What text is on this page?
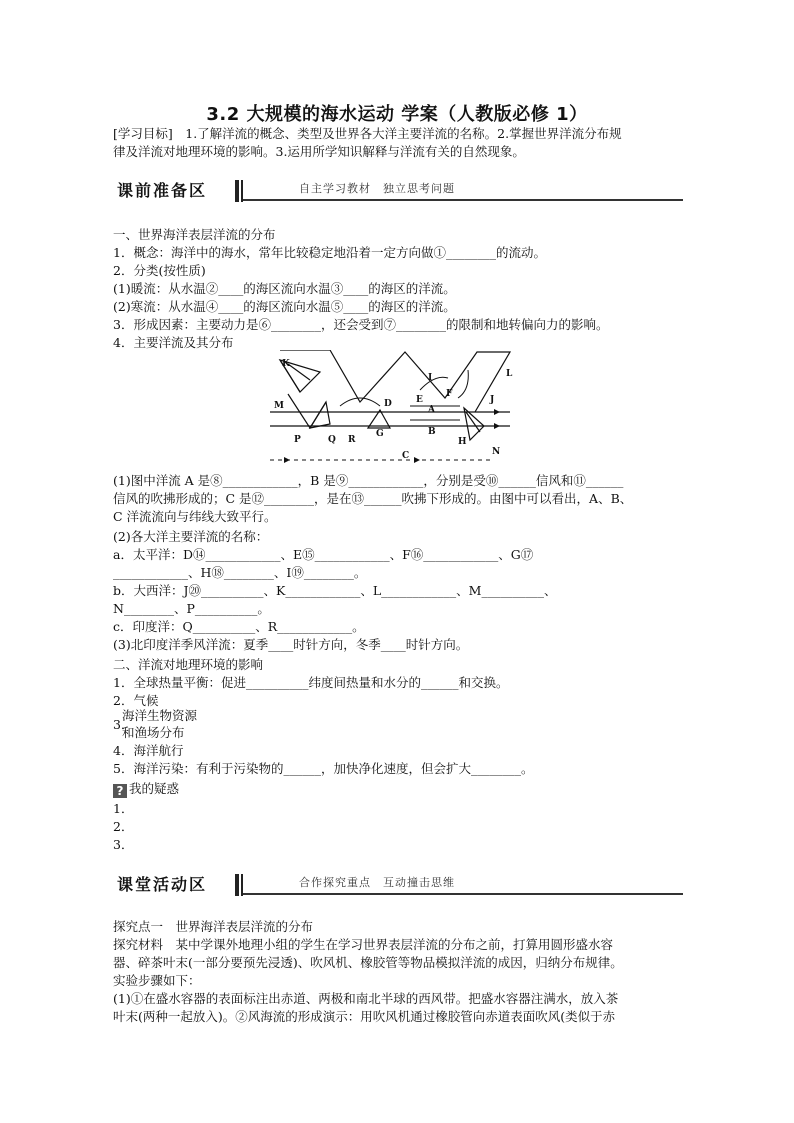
3.2 大规模的海水运动 学案（人教版必修 1）
[学习目标]　1.了解洋流的概念、类型及世界各大洋主要洋流的名称。2.掌握世界洋流分布规
律及洋流对地理环境的影响。3.运用所学知识解释与洋流有关的自然现象。
课前准备区	自主学习教材　独立思考问题
一、世界海洋表层洋流的分布
1．概念：海洋中的海水，常年比较稳定地沿着一定方向做①________的流动。
2．分类(按性质)
(1)暖流：从水温②____的海区流向水温③____的海区的洋流。
(2)寒流：从水温④____的海区流向水温⑤____的海区的洋流。
3．形成因素：主要动力是⑥________，还会受到⑦________的限制和地转偏向力的影响。
4．主要洋流及其分布
K
L
M
I
F
D	E
A
J
B
P	Q R
G
H
N
C
(1)图中洋流 A 是⑧____________，B 是⑨____________，分别是受⑩______信风和⑪______
信风的吹拂形成的；C 是⑫________，是在⑬______吹拂下形成的。由图中可以看出，A、B、
C 洋流流向与纬线大致平行。
(2)各大洋主要洋流的名称：
a．太平洋：D⑭____________、E⑮____________、F⑯____________、G⑰
____________、H⑱________、I⑲________。
b．大西洋：J⑳__________、K____________、L____________、M__________、
N________、P__________。
c．印度洋：Q__________、R____________。
(3)北印度洋季风洋流：夏季____时针方向，冬季____时针方向。
二、洋流对地理环境的影响
1．全球热量平衡：促进__________纬度间热量和水分的______和交换。
2．气候
海洋生物资源
3．
和渔场分布
4．海洋航行
5．海洋污染：有利于污染物的______，加快净化速度，但会扩大________。
? 我的疑惑
1．
2．
3．
课堂活动区	合作探究重点　互动撞击思维
探究点一　世界海洋表层洋流的分布
探究材料　某中学课外地理小组的学生在学习世界表层洋流的分布之前，打算用圆形盛水容
器、碎茶叶末(一部分要预先浸透)、吹风机、橡胶管等物品模拟洋流的成因，归纳分布规律。
实验步骤如下：
(1)①在盛水容器的表面标注出赤道、两极和南北半球的西风带。把盛水容器注满水，放入茶
叶末(两种一起放入)。②风海流的形成演示：用吹风机通过橡胶管向赤道表面吹风(类似于赤
